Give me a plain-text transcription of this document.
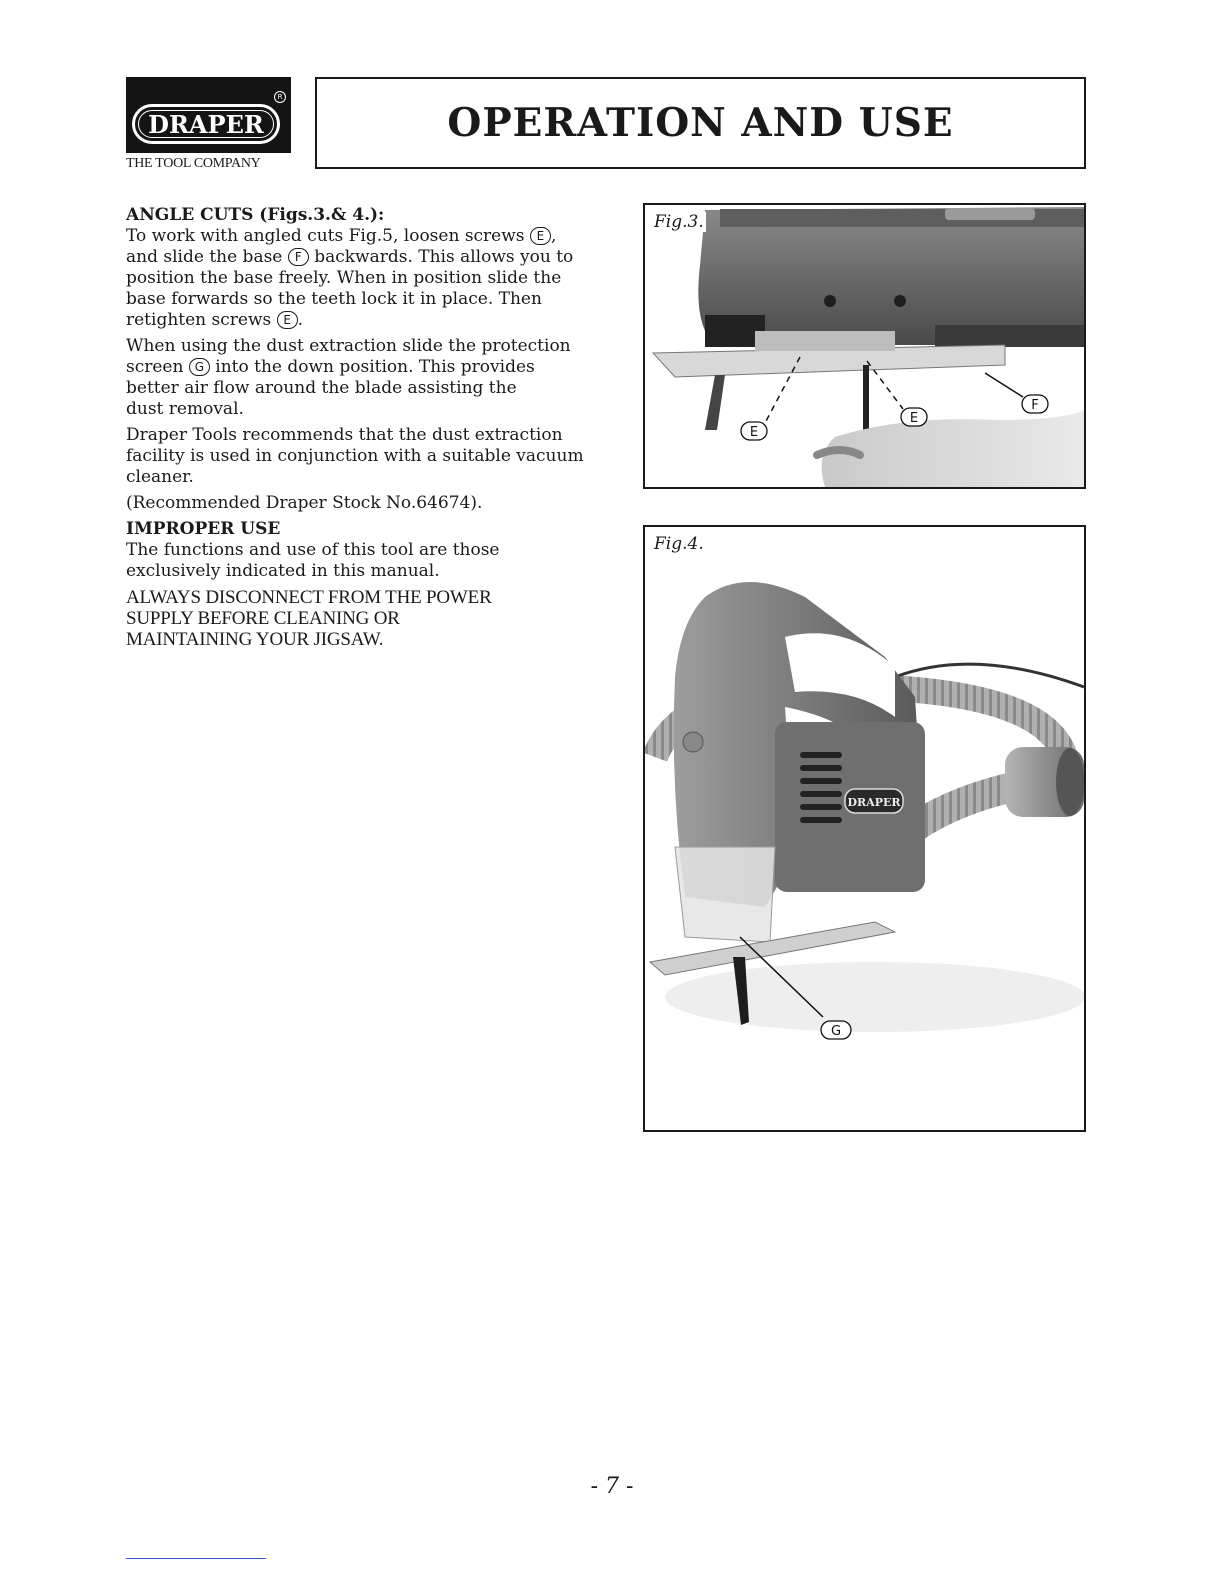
DRAPER
R
THE TOOL COMPANY
OPERATION AND USE

ANGLE CUTS (Figs.3.& 4.):

To work with angled cuts Fig.5, loosen screws E , and slide the base F backwards. This allows you to position the base freely. When in position slide the base forwards so the teeth lock it in place. Then retighten screws E .

When using the dust extraction slide the protection screen G into the down position. This provides better air flow around the blade assisting the
dust removal.

Draper Tools recommends that the dust extraction facility is used in conjunction with a suitable vacuum cleaner.

(Recommended Draper Stock No.64674).

IMPROPER USE

The functions and use of this tool are those exclusively indicated in this manual.

ALWAYS DISCONNECT FROM THE POWER
SUPPLY BEFORE CLEANING OR
MAINTAINING YOUR JIGSAW.

Fig.3.
E
E
F
Fig.4.
DRAPER
G
- 7 -
